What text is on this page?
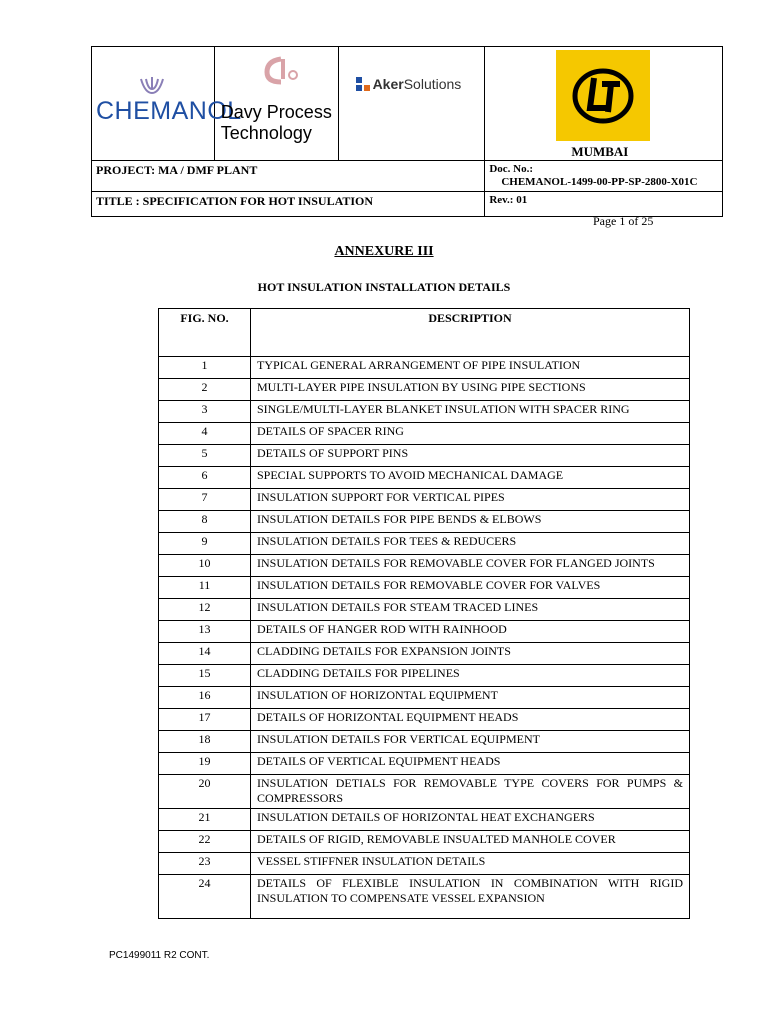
CHEMANOL	Davy Process
Technology	AkerSolutions	MUMBAI

PROJECT: MA / DMF PLANT			Doc. No.:
CHEMANOL-1499-00-PP-SP-2800-X01C

TITLE : SPECIFICATION FOR HOT INSULATION			Rev.: 01
Page 1 of 25
ANNEXURE III
HOT INSULATION INSTALLATION DETAILS
FIG. NO.	DESCRIPTION
1	TYPICAL GENERAL ARRANGEMENT OF PIPE INSULATION
2	MULTI-LAYER PIPE INSULATION BY USING PIPE SECTIONS
3	SINGLE/MULTI-LAYER BLANKET INSULATION WITH SPACER RING
4	DETAILS OF SPACER RING
5	DETAILS OF SUPPORT PINS
6	SPECIAL SUPPORTS TO AVOID MECHANICAL DAMAGE
7	INSULATION SUPPORT FOR VERTICAL PIPES
8	INSULATION DETAILS FOR PIPE BENDS & ELBOWS
9	INSULATION DETAILS FOR TEES & REDUCERS
10	INSULATION DETAILS FOR REMOVABLE COVER FOR FLANGED JOINTS
11	INSULATION DETAILS FOR REMOVABLE COVER FOR VALVES
12	INSULATION DETAILS FOR STEAM TRACED LINES
13	DETAILS OF HANGER ROD WITH RAINHOOD
14	CLADDING DETAILS FOR EXPANSION JOINTS
15	CLADDING DETAILS FOR PIPELINES
16	INSULATION OF HORIZONTAL EQUIPMENT
17	DETAILS OF HORIZONTAL EQUIPMENT HEADS
18	INSULATION DETAILS FOR VERTICAL EQUIPMENT
19	DETAILS OF VERTICAL EQUIPMENT HEADS
20	INSULATION DETIALS FOR REMOVABLE TYPE COVERS FOR PUMPS & COMPRESSORS
21	INSULATION DETAILS OF HORIZONTAL HEAT EXCHANGERS
22	DETAILS OF RIGID, REMOVABLE INSUALTED MANHOLE COVER
23	VESSEL STIFFNER INSULATION DETAILS
24	DETAILS OF FLEXIBLE INSULATION IN COMBINATION WITH RIGID INSULATION TO COMPENSATE VESSEL EXPANSION
PC1499011 R2 CONT.
